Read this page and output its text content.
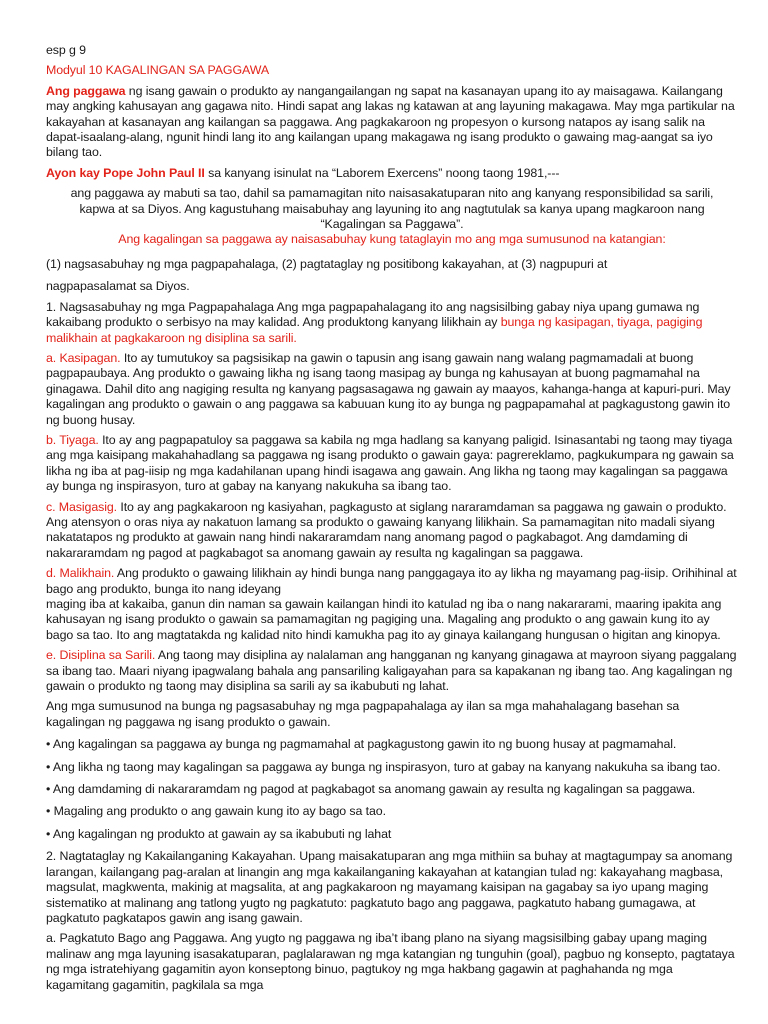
esp g 9

Modyul 10 KAGALINGAN SA PAGGAWA

Ang paggawa ng isang gawain o produkto ay nangangailangan ng sapat na kasanayan upang ito ay maisagawa. Kailangang may angking kahusayan ang gagawa nito. Hindi sapat ang lakas ng katawan at ang layuning makagawa. May mga partikular na kakayahan at kasanayan ang kailangan sa paggawa. Ang pagkakaroon ng propesyon o kursong natapos ay isang salik na dapat-isaalang-alang, ngunit hindi lang ito ang kailangan upang makagawa ng isang produkto o gawaing mag-aangat sa iyo bilang tao.

Ayon kay Pope John Paul II sa kanyang isinulat na “Laborem Exercens” noong taong 1981,---

ang paggawa ay mabuti sa tao, dahil sa pamamagitan nito naisasakatuparan nito ang kanyang responsibilidad sa sarili, kapwa at sa Diyos. Ang kagustuhang maisabuhay ang layuning ito ang nagtutulak sa kanya upang magkaroon nang “Kagalingan sa Paggawa”.

Ang kagalingan sa paggawa ay naisasabuhay kung tataglayin mo ang mga sumusunod na katangian:

(1) nagsasabuhay ng mga pagpapahalaga, (2) pagtataglay ng positibong kakayahan, at (3) nagpupuri at

nagpapasalamat sa Diyos.

1. Nagsasabuhay ng mga Pagpapahalaga Ang mga pagpapahalagang ito ang nagsisilbing gabay niya upang gumawa ng kakaibang produkto o serbisyo na may kalidad. Ang produktong kanyang lilikhain ay bunga ng kasipagan, tiyaga, pagiging malikhain at pagkakaroon ng disiplina sa sarili.

a. Kasipagan. Ito ay tumutukoy sa pagsisikap na gawin o tapusin ang isang gawain nang walang pagmamadali at buong pagpapaubaya. Ang produkto o gawaing likha ng isang taong masipag ay bunga ng kahusayan at buong pagmamahal na ginagawa. Dahil dito ang nagiging resulta ng kanyang pagsasagawa ng gawain ay maayos, kahanga-hanga at kapuri-puri. May kagalingan ang produkto o gawain o ang paggawa sa kabuuan kung ito ay bunga ng pagpapamahal at pagkagustong gawin ito ng buong husay.

b. Tiyaga. Ito ay ang pagpapatuloy sa paggawa sa kabila ng mga hadlang sa kanyang paligid. Isinasantabi ng taong may tiyaga ang mga kaisipang makahahadlang sa paggawa ng isang produkto o gawain gaya: pagrereklamo, pagkukumpara ng gawain sa likha ng iba at pag-iisip ng mga kadahilanan upang hindi isagawa ang gawain. Ang likha ng taong may kagalingan sa paggawa ay bunga ng inspirasyon, turo at gabay na kanyang nakukuha sa ibang tao.

c. Masigasig. Ito ay ang pagkakaroon ng kasiyahan, pagkagusto at siglang nararamdaman sa paggawa ng gawain o produkto. Ang atensyon o oras niya ay nakatuon lamang sa produkto o gawaing kanyang lilikhain. Sa pamamagitan nito madali siyang nakatatapos ng produkto at gawain nang hindi nakararamdam nang anomang pagod o pagkabagot. Ang damdaming di nakararamdam ng pagod at pagkabagot sa anomang gawain ay resulta ng kagalingan sa paggawa.

d. Malikhain. Ang produkto o gawaing lilikhain ay hindi bunga nang panggagaya ito ay likha ng mayamang pag-iisip. Orihihinal at bago ang produkto, bunga ito nang ideyang

maging iba at kakaiba, ganun din naman sa gawain kailangan hindi ito katulad ng iba o nang nakararami, maaring ipakita ang kahusayan ng isang produkto o gawain sa pamamagitan ng pagiging una. Magaling ang produkto o ang gawain kung ito ay bago sa tao. Ito ang magtatakda ng kalidad nito hindi kamukha pag ito ay ginaya kailangang hungusan o higitan ang kinopya.

e. Disiplina sa Sarili. Ang taong may disiplina ay nalalaman ang hangganan ng kanyang ginagawa at mayroon siyang paggalang sa ibang tao. Maari niyang ipagwalang bahala ang pansariling kaligayahan para sa kapakanan ng ibang tao. Ang kagalingan ng gawain o produkto ng taong may disiplina sa sarili ay sa ikabubuti ng lahat.

Ang mga sumusunod na bunga ng pagsasabuhay ng mga pagpapahalaga ay ilan sa mga mahahalagang basehan sa kagalingan ng paggawa ng isang produkto o gawain.

• Ang kagalingan sa paggawa ay bunga ng pagmamahal at pagkagustong gawin ito ng buong husay at pagmamahal.

• Ang likha ng taong may kagalingan sa paggawa ay bunga ng inspirasyon, turo at gabay na kanyang nakukuha sa ibang tao.

• Ang damdaming di nakararamdam ng pagod at pagkabagot sa anomang gawain ay resulta ng kagalingan sa paggawa.

• Magaling ang produkto o ang gawain kung ito ay bago sa tao.

• Ang kagalingan ng produkto at gawain ay sa ikabubuti ng lahat

2. Nagtataglay ng Kakailanganing Kakayahan. Upang maisakatuparan ang mga mithiin sa buhay at magtagumpay sa anomang larangan, kailangang pag-aralan at linangin ang mga kakailanganing kakayahan at katangian tulad ng: kakayahang magbasa, magsulat, magkwenta, makinig at magsalita, at ang pagkakaroon ng mayamang kaisipan na gagabay sa iyo upang maging sistematiko at malinang ang tatlong yugto ng pagkatuto: pagkatuto bago ang paggawa, pagkatuto habang gumagawa, at pagkatuto pagkatapos gawin ang isang gawain.

a. Pagkatuto Bago ang Paggawa. Ang yugto ng paggawa ng iba’t ibang plano na siyang magsisilbing gabay upang maging malinaw ang mga layuning isasakatuparan, paglalarawan ng mga katangian ng tunguhin (goal), pagbuo ng konsepto, pagtataya ng mga istratehiyang gagamitin ayon konseptong binuo, pagtukoy ng mga hakbang gagawin at paghahanda ng mga kagamitang gagamitin, pagkilala sa mga
